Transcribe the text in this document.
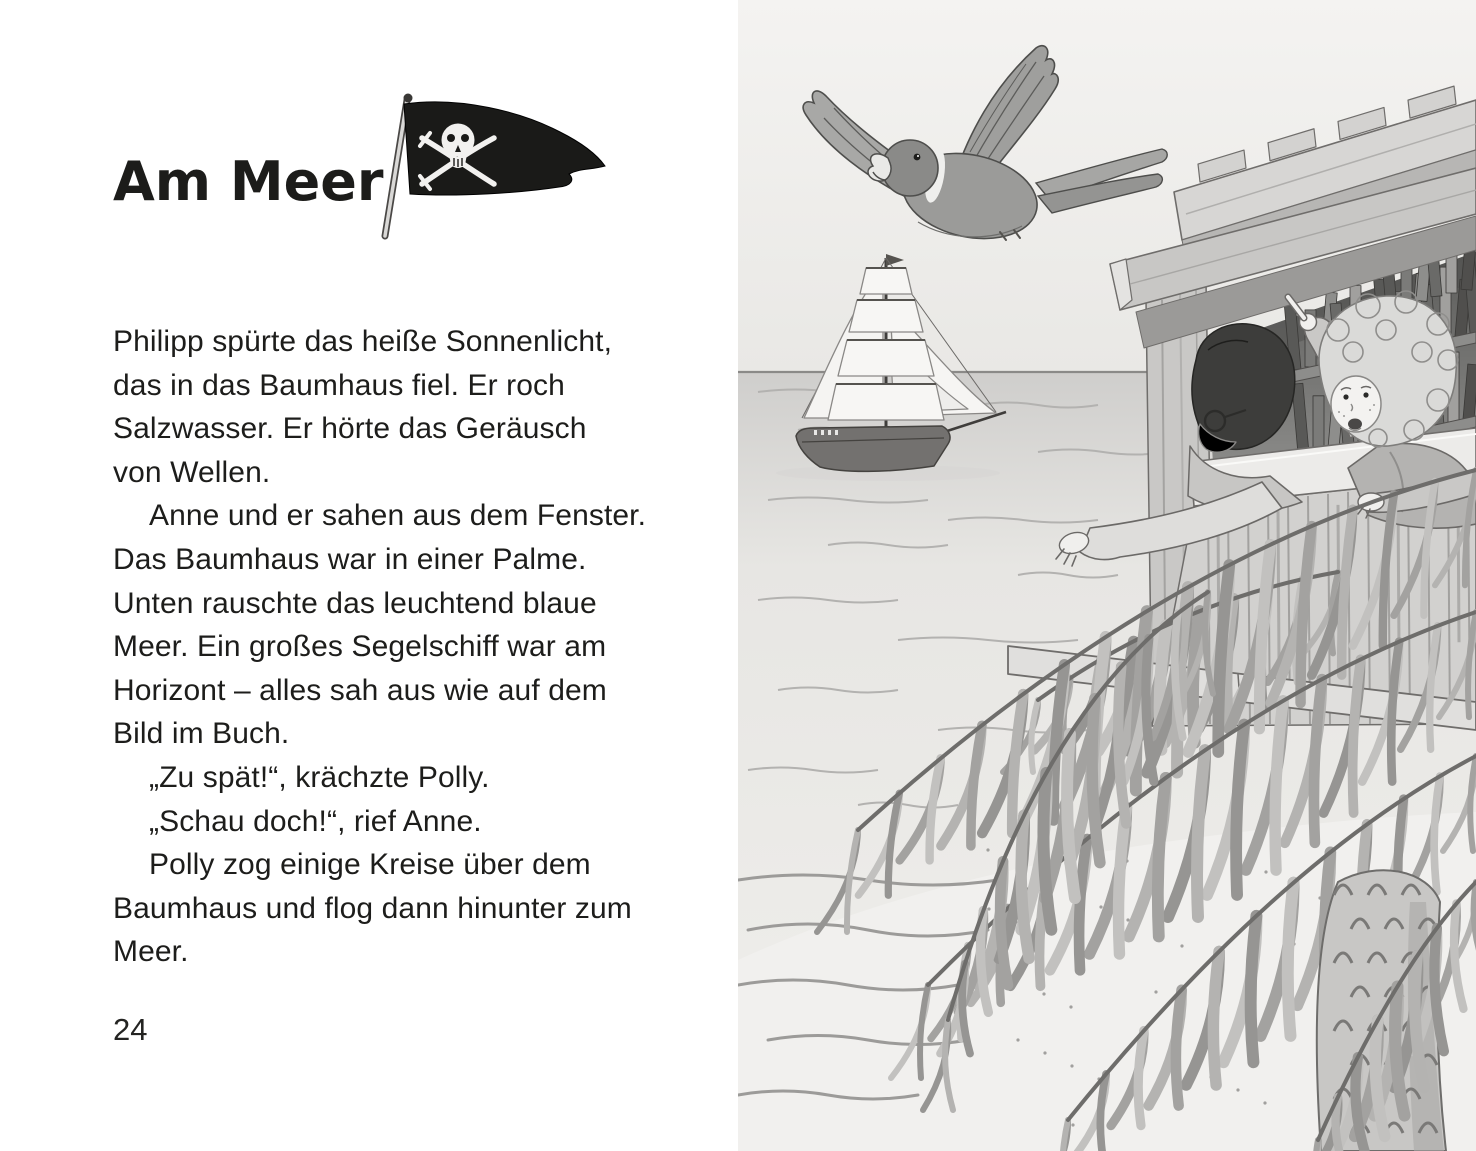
Am Meer
Philipp spürte das heiße Sonnenlicht,
das in das Baumhaus fiel. Er roch
Salzwasser. Er hörte das Geräusch
von Wellen.
Anne und er sahen aus dem Fenster.
Das Baumhaus war in einer Palme.
Unten rauschte das leuchtend blaue
Meer. Ein großes Segelschiff war am
Horizont – alles sah aus wie auf dem
Bild im Buch.
„Zu spät!“, krächzte Polly.
„Schau doch!“, rief Anne.
Polly zog einige Kreise über dem
Baumhaus und flog dann hinunter zum
Meer.
24
